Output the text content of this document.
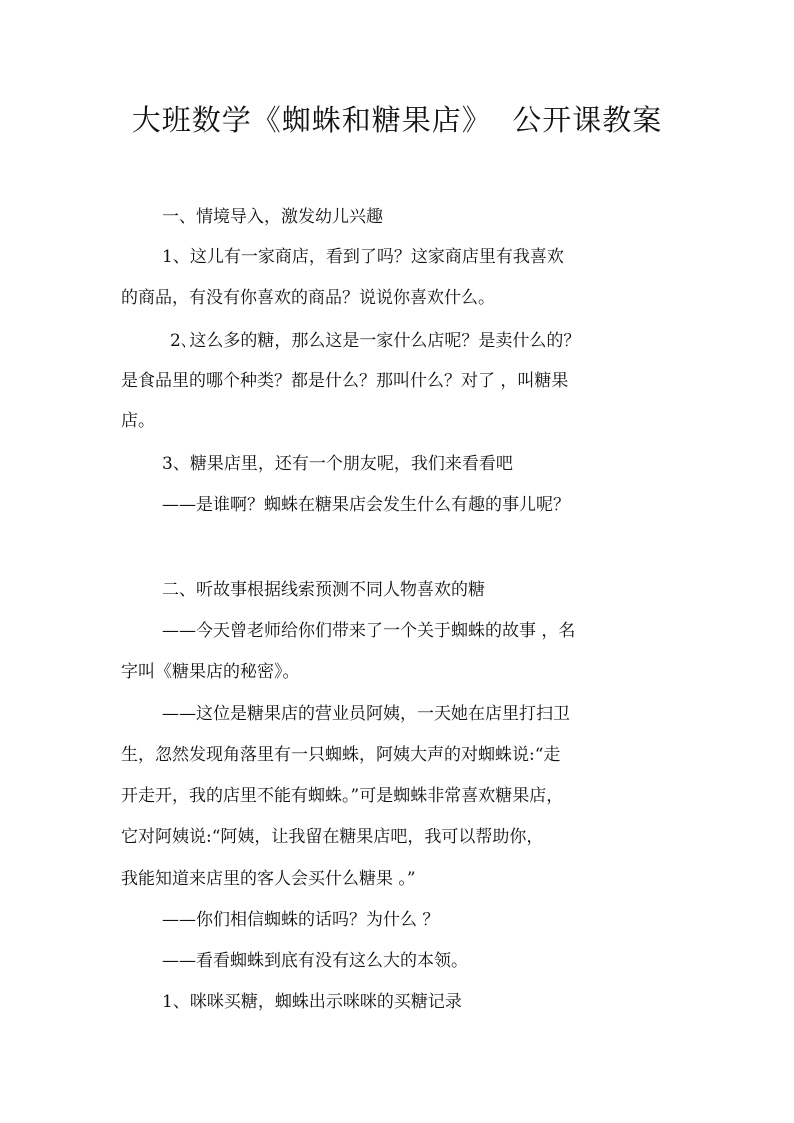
大班数学《蜘蛛和糖果店》  公开课教案

一、情境导入，激发幼儿兴趣

1、这儿有一家商店，看到了吗？这家商店里有我喜欢

的商品，有没有你喜欢的商品？说说你喜欢什么。

2､这么多的糖，那么这是一家什么店呢？是卖什么的？

是食品里的哪个种类？都是什么？那叫什么？对了 ，叫糖果

店。

3、糖果店里，还有一个朋友呢，我们来看看吧

——是谁啊？蜘蛛在糖果店会发生什么有趣的事儿呢？

二、听故事根据线索预测不同人物喜欢的糖

——今天曾老师给你们带来了一个关于蜘蛛的故事 ，名

字叫《糖果店的秘密》。

——这位是糖果店的营业员阿姨，一天她在店里打扫卫

生，忽然发现角落里有一只蜘蛛，阿姨大声的对蜘蛛说:“走

开走开，我的店里不能有蜘蛛。”可是蜘蛛非常喜欢糖果店，

它对阿姨说:“阿姨，让我留在糖果店吧，我可以帮助你，

我能知道来店里的客人会买什么糖果 。”

——你们相信蜘蛛的话吗？为什么 ？

——看看蜘蛛到底有没有这么大的本领。

1、咪咪买糖，蜘蛛出示咪咪的买糖记录
